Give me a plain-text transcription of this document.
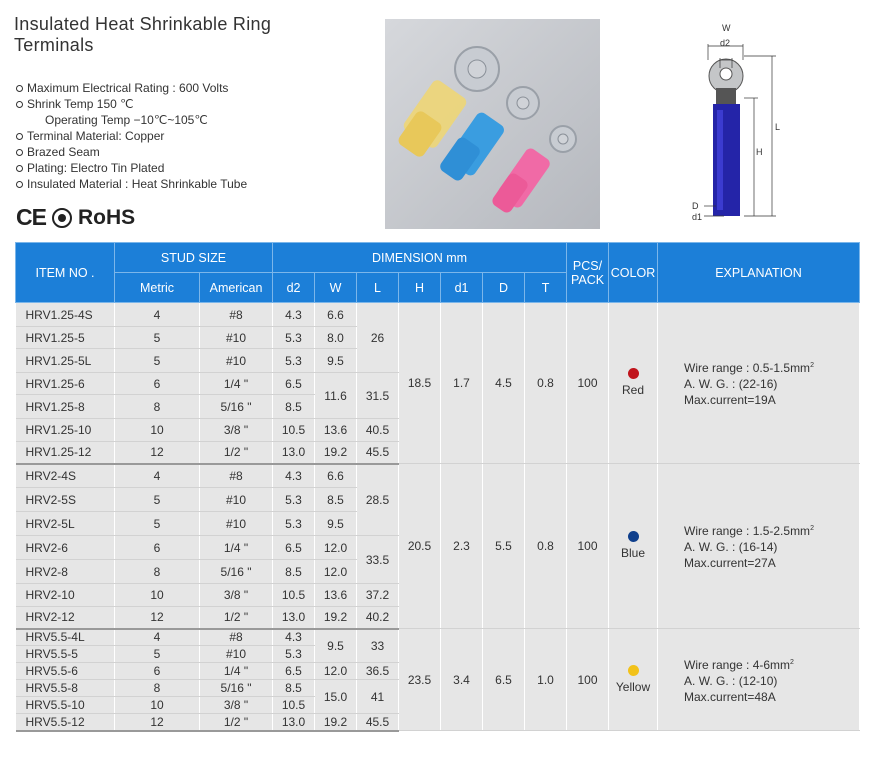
Insulated Heat Shrinkable Ring
Terminals
Maximum Electrical Rating : 600 Volts
Shrink Temp 150 ℃
Operating Temp −10℃~105℃
Terminal Material: Copper
Brazed Seam
Plating: Electro Tin Plated
Insulated Material : Heat Shrinkable Tube
CE RoHS
W
d2
L
H
D
d1
ITEM NO .	STUD SIZE		DIMENSION mm							PCS/
PACK	COLOR	EXPLANATION
	Metric	American	d2	W	L	H	d1	D	T			
HRV1.25-4S	4	#8	4.3	6.6	26	18.5	1.7	4.5	0.8	100	Red	Wire range : $0.5-1.5mm^2$
A. W. G. : (22-16)
Max.current=19A
HRV1.25-5	5	#10	5.3	8.0								
HRV1.25-5L	5	#10	5.3	9.5								
HRV1.25-6	6	1/4 "	6.5	11.6	31.5							
HRV1.25-8	8	5/16 "	8.5									
HRV1.25-10	10	3/8 "	10.5	13.6	40.5							
HRV1.25-12	12	1/2 "	13.0	19.2	45.5							
HRV2-4S	4	#8	4.3	6.6	28.5	20.5	2.3	5.5	0.8	100	Blue	Wire range : $1.5-2.5mm^2$
A. W. G. : (16-14)
Max.current=27A
HRV2-5S	5	#10	5.3	8.5								
HRV2-5L	5	#10	5.3	9.5								
HRV2-6	6	1/4 "	6.5	12.0	33.5							
HRV2-8	8	5/16 "	8.5	12.0								
HRV2-10	10	3/8 "	10.5	13.6	37.2							
HRV2-12	12	1/2 "	13.0	19.2	40.2							
HRV5.5-4L	4	#8	4.3	9.5	33	23.5	3.4	6.5	1.0	100	Yellow	Wire range : $4-6mm^2$
A. W. G. : (12-10)
Max.current=48A
HRV5.5-5	5	#10	5.3									
HRV5.5-6	6	1/4 "	6.5	12.0	36.5							
HRV5.5-8	8	5/16 "	8.5	15.0	41							
HRV5.5-10	10	3/8 "	10.5									
HRV5.5-12	12	1/2 "	13.0	19.2	45.5							
